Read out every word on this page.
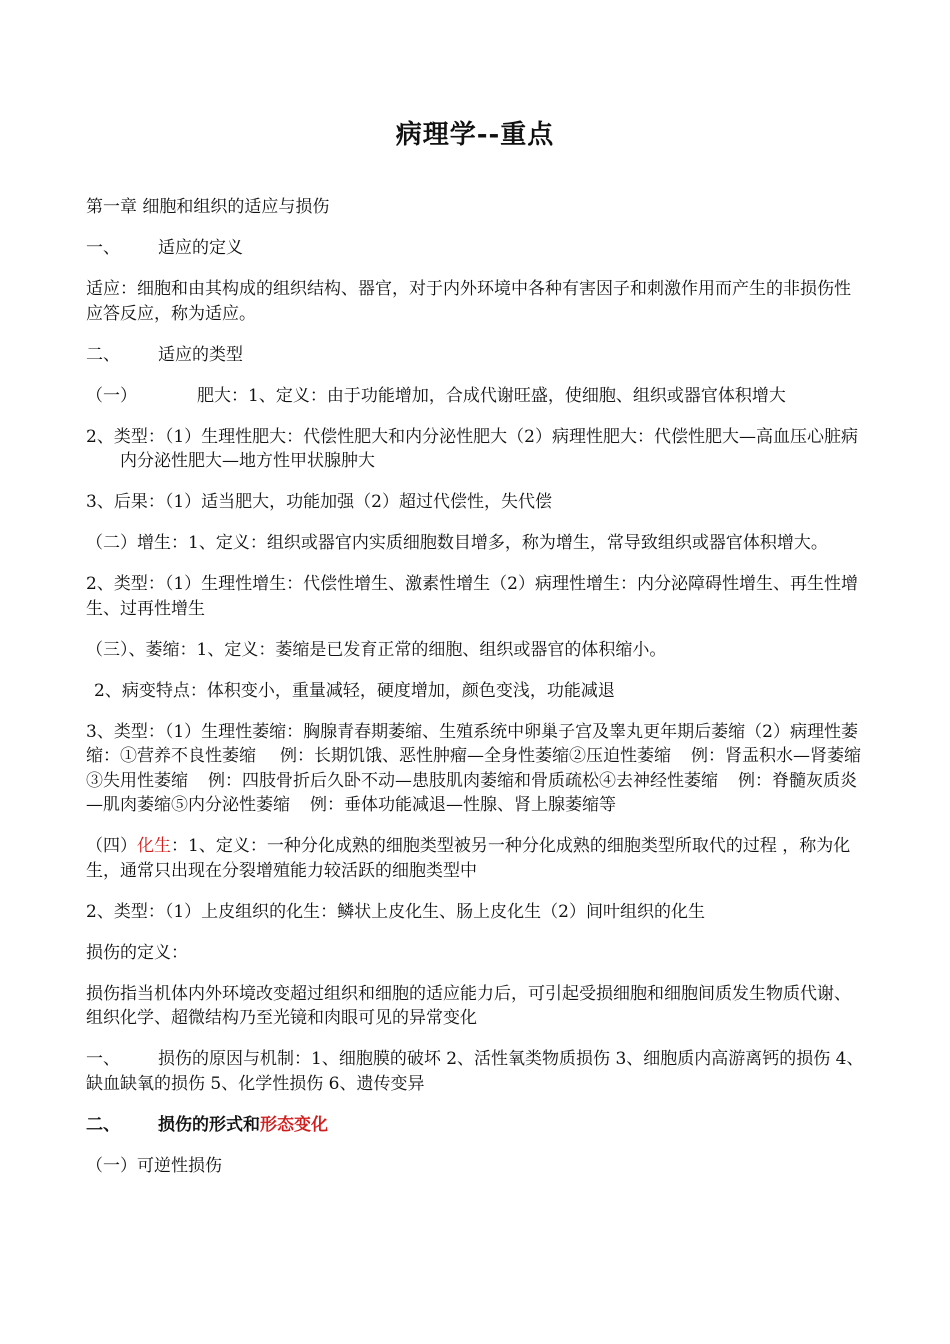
病理学--重点

第一章 细胞和组织的适应与损伤

一、 适应的定义

适应：细胞和由其构成的组织结构、器官，对于内外环境中各种有害因子和刺激作用而产生的非损伤性应答反应，称为适应。

二、 适应的类型

（一）	肥大：1、定义：由于功能增加，合成代谢旺盛，使细胞、组织或器官体积增大

2、类型：（1）生理性肥大：代偿性肥大和内分泌性肥大（2）病理性肥大：代偿性肥大—高血压心脏病内分泌性肥大—地方性甲状腺肿大

3、后果：（1）适当肥大，功能加强（2）超过代偿性，失代偿

（二）增生：1、定义：组织或器官内实质细胞数目增多，称为增生，常导致组织或器官体积增大。

2、类型：（1）生理性增生：代偿性增生、激素性增生（2）病理性增生：内分泌障碍性增生、再生性增生、过再性增生

（三）、萎缩：1、定义：萎缩是已发育正常的细胞、组织或器官的体积缩小。

2、病变特点：体积变小，重量减轻，硬度增加，颜色变浅，功能减退

3、类型：（1）生理性萎缩：胸腺青春期萎缩、生殖系统中卵巢子宫及睾丸更年期后萎缩（2）病理性萎缩：①营养不良性萎缩 例：长期饥饿、恶性肿瘤—全身性萎缩②压迫性萎缩 例：肾盂积水—肾萎缩 ③失用性萎缩 例：四肢骨折后久卧不动—患肢肌肉萎缩和骨质疏松④去神经性萎缩 例：脊髓灰质炎—肌肉萎缩⑤内分泌性萎缩 例：垂体功能减退—性腺、肾上腺萎缩等

（四）化生：1、定义：一种分化成熟的细胞类型被另一种分化成熟的细胞类型所取代的过程 ，称为化生，通常只出现在分裂增殖能力较活跃的细胞类型中

2、类型：（1）上皮组织的化生：鳞状上皮化生、肠上皮化生（2）间叶组织的化生

损伤的定义：

损伤指当机体内外环境改变超过组织和细胞的适应能力后，可引起受损细胞和细胞间质发生物质代谢、组织化学、超微结构乃至光镜和肉眼可见的异常变化

一、 损伤的原因与机制：1、细胞膜的破坏 2、活性氧类物质损伤 3、细胞质内高游离钙的损伤 4、缺血缺氧的损伤 5、化学性损伤 6、遗传变异

二、 损伤的形式和形态变化

（一）可逆性损伤
